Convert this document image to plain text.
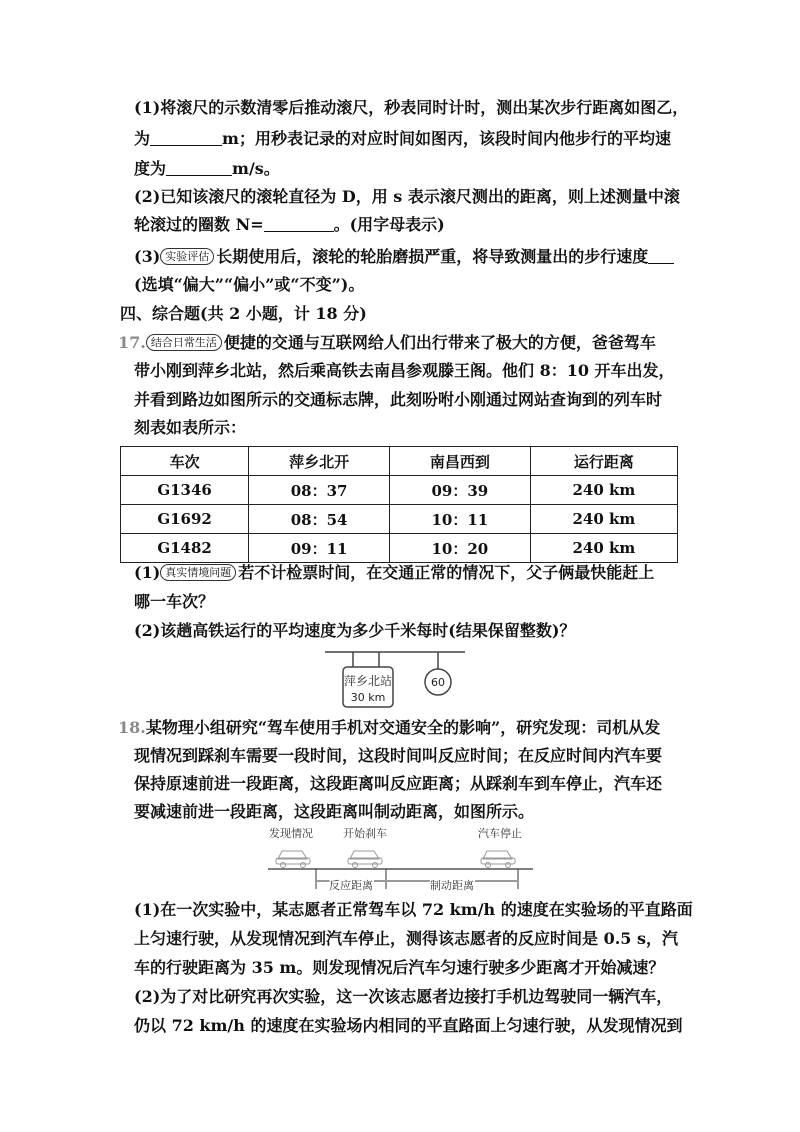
(1)将滚尺的示数清零后推动滚尺，秒表同时计时，测出某次步行距离如图乙，
为	m；用秒表记录的对应时间如图丙，该段时间内他步行的平均速
度为	m/s。
(2)已知该滚尺的滚轮直径为 D，用 s 表示滚尺测出的距离，则上述测量中滚
轮滚过的圈数 N=	。(用字母表示)
(3) 实验评估 长期使用后，滚轮的轮胎磨损严重，将导致测量出的步行速度
(选填“偏大”“偏小”或“不变”)。
四、综合题(共 2 小题，计 18 分)
17. 结合日常生活 便捷的交通与互联网给人们出行带来了极大的方便，爸爸驾车
带小刚到萍乡北站，然后乘高铁去南昌参观滕王阁。他们 8：10 开车出发，
并看到路边如图所示的交通标志牌，此刻吩咐小刚通过网站查询到的列车时
刻表如表所示：
车次	萍乡北开	南昌西到	运行距离
G1346	08：37	09：39	240 km
G1692	08：54	10：11	240 km
G1482	09：11	10：20	240 km
(1) 真实情境问题 若不计检票时间，在交通正常的情况下，父子俩最快能赶上
哪一车次？
(2)该趟高铁运行的平均速度为多少千米每时(结果保留整数)？
萍乡北站
30 km
60
18.某物理小组研究“驾车使用手机对交通安全的影响”，研究发现：司机从发
现情况到踩刹车需要一段时间，这段时间叫反应时间；在反应时间内汽车要
保持原速前进一段距离，这段距离叫反应距离；从踩刹车到车停止，汽车还
要减速前进一段距离，这段距离叫制动距离，如图所示。
发现情况	开始刹车	汽车停止
反应距离	制动距离
(1)在一次实验中，某志愿者正常驾车以 72 km/h 的速度在实验场的平直路面
上匀速行驶，从发现情况到汽车停止，测得该志愿者的反应时间是 0.5 s，汽
车的行驶距离为 35 m。则发现情况后汽车匀速行驶多少距离才开始减速？
(2)为了对比研究再次实验，这一次该志愿者边接打手机边驾驶同一辆汽车，
仍以 72 km/h 的速度在实验场内相同的平直路面上匀速行驶，从发现情况到
